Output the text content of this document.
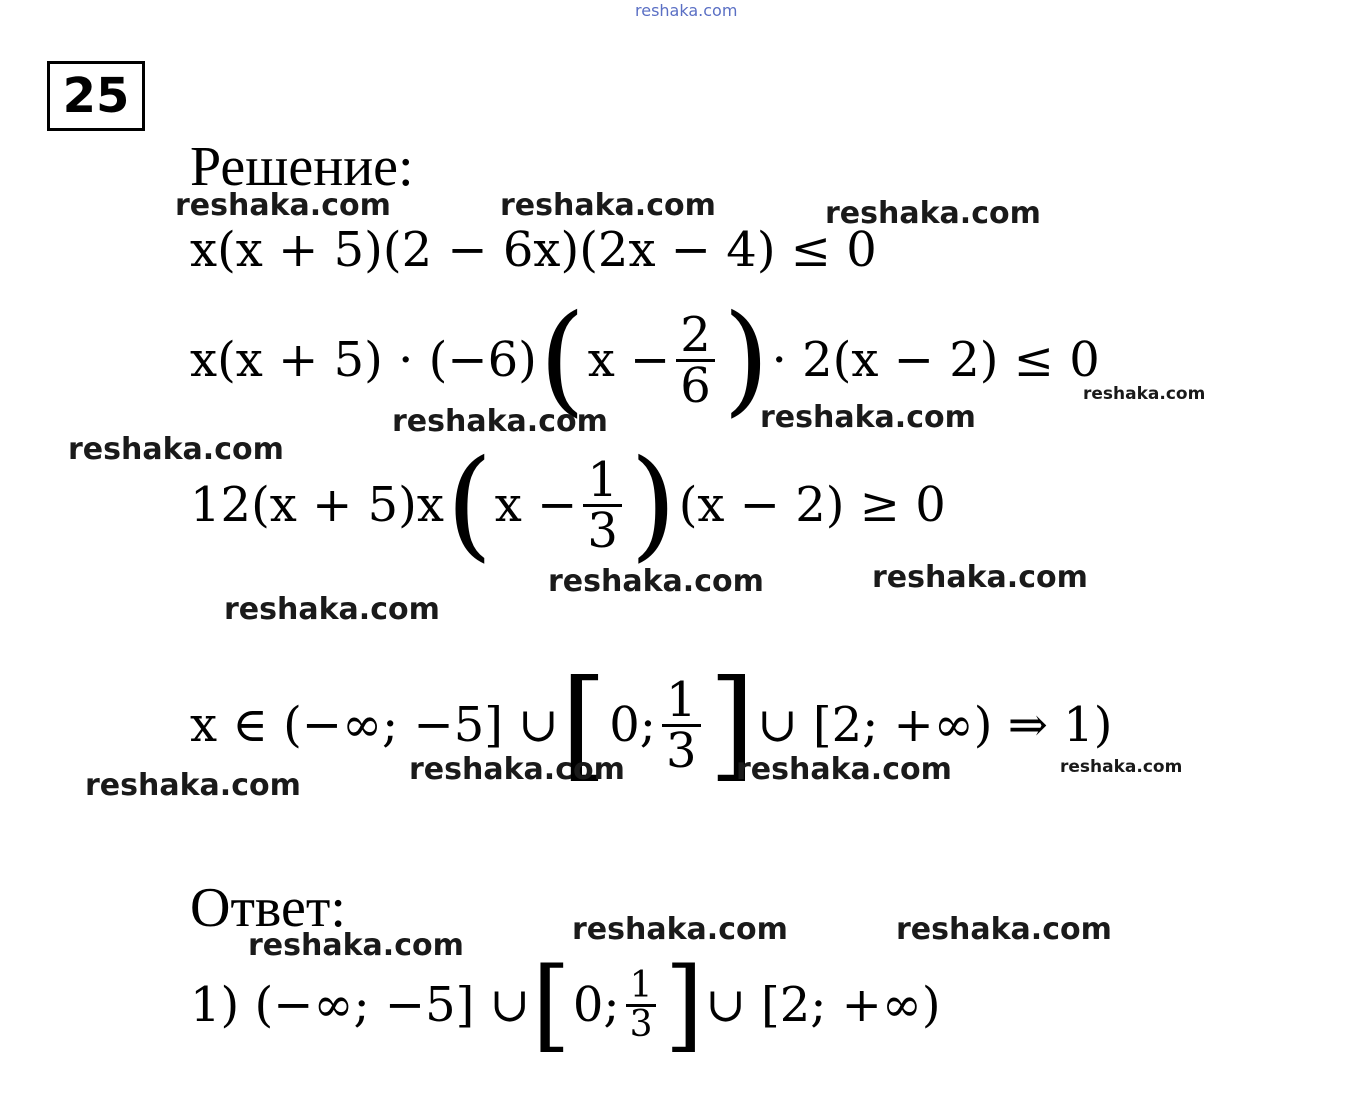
reshaka.com
25
Решение:
x(x + 5)(2 − 6x)(2x − 4) ≤ 0
x(x + 5) · (−6) ( $x - \frac{2}{6}$ ) · 2(x − 2) ≤ 0
12(x + 5)x ( $x - \frac{1}{3}$ ) (x − 2) ≥ 0
x ∈ (−∞; −5] ∪ [ 0; $\frac{1}{3}$ ] ∪ [2; +∞) ⇒ 1)
Ответ:
1) (−∞; −5] ∪ [ 0; $\frac{1}{3}$ ] ∪ [2; +∞)
reshaka.com	reshaka.com	reshaka.com
reshaka.com	reshaka.com
reshaka.com
reshaka.com
reshaka.com	reshaka.com
reshaka.com
reshaka.com	reshaka.com	reshaka.com
reshaka.com
reshaka.com	reshaka.com	reshaka.com
